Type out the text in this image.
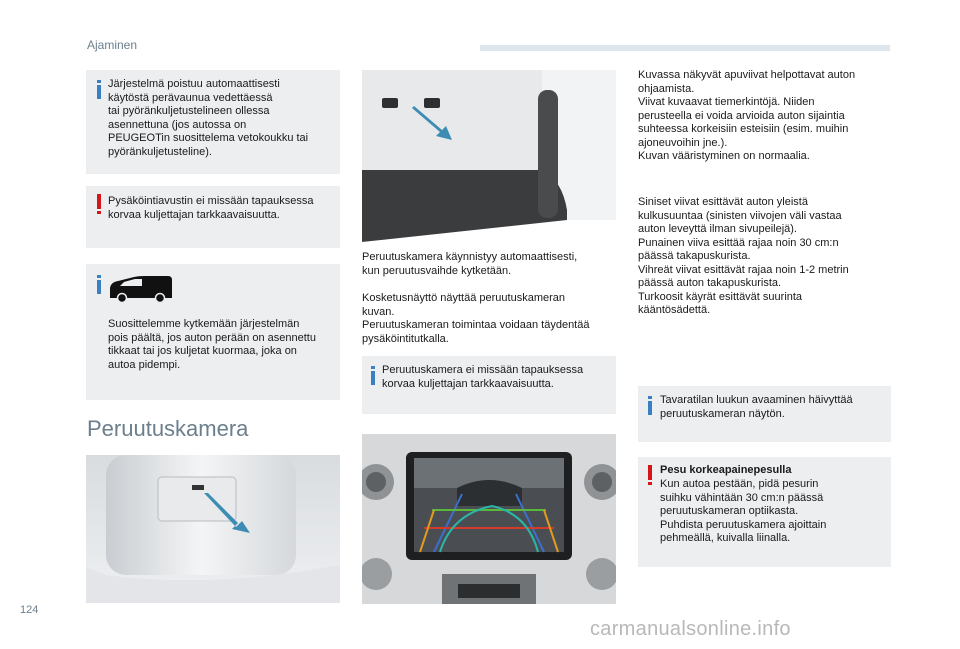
Ajaminen
Järjestelmä poistuu automaattisesti
käytöstä perävaunua vedettäessä
tai pyöränkuljetustelineen ollessa
asennettuna (jos autossa on
PEUGEOTin suosittelema vetokoukku tai
pyöränkuljetusteline).
Pysäköintiavustin ei missään tapauksessa
korvaa kuljettajan tarkkaavaisuutta.
Suosittelemme kytkemään järjestelmän
pois päältä, jos auton perään on asennettu
tikkaat tai jos kuljetat kuormaa, joka on
autoa pidempi.
Peruutuskamera
Peruutuskamera käynnistyy automaattisesti,
kun peruutusvaihde kytketään.
Kosketusnäyttö näyttää peruutuskameran
kuvan.
Peruutuskameran toimintaa voidaan täydentää
pysäköintitutkalla.
Peruutuskamera ei missään tapauksessa
korvaa kuljettajan tarkkaavaisuutta.
Kuvassa näkyvät apuviivat helpottavat auton
ohjaamista.
Viivat kuvaavat tiemerkintöjä. Niiden
perusteella ei voida arvioida auton sijaintia
suhteessa korkeisiin esteisiin (esim. muihin
ajoneuvoihin jne.).
Kuvan vääristyminen on normaalia.
Siniset viivat esittävät auton yleistä
kulkusuuntaa (sinisten viivojen väli vastaa
auton leveyttä ilman sivupeilejä).
Punainen viiva esittää rajaa noin 30 cm:n
päässä takapuskurista.
Vihreät viivat esittävät rajaa noin 1-2 metrin
päässä auton takapuskurista.
Turkoosit käyrät esittävät suurinta
kääntösädettä.
Tavaratilan luukun avaaminen häivyttää
peruutuskameran näytön.
Pesu korkeapainepesulla
Kun autoa pestään, pidä pesurin
suihku vähintään 30 cm:n päässä
peruutuskameran optiikasta.
Puhdista peruutuskamera ajoittain
pehmeällä, kuivalla liinalla.
124
carmanualsonline.info
